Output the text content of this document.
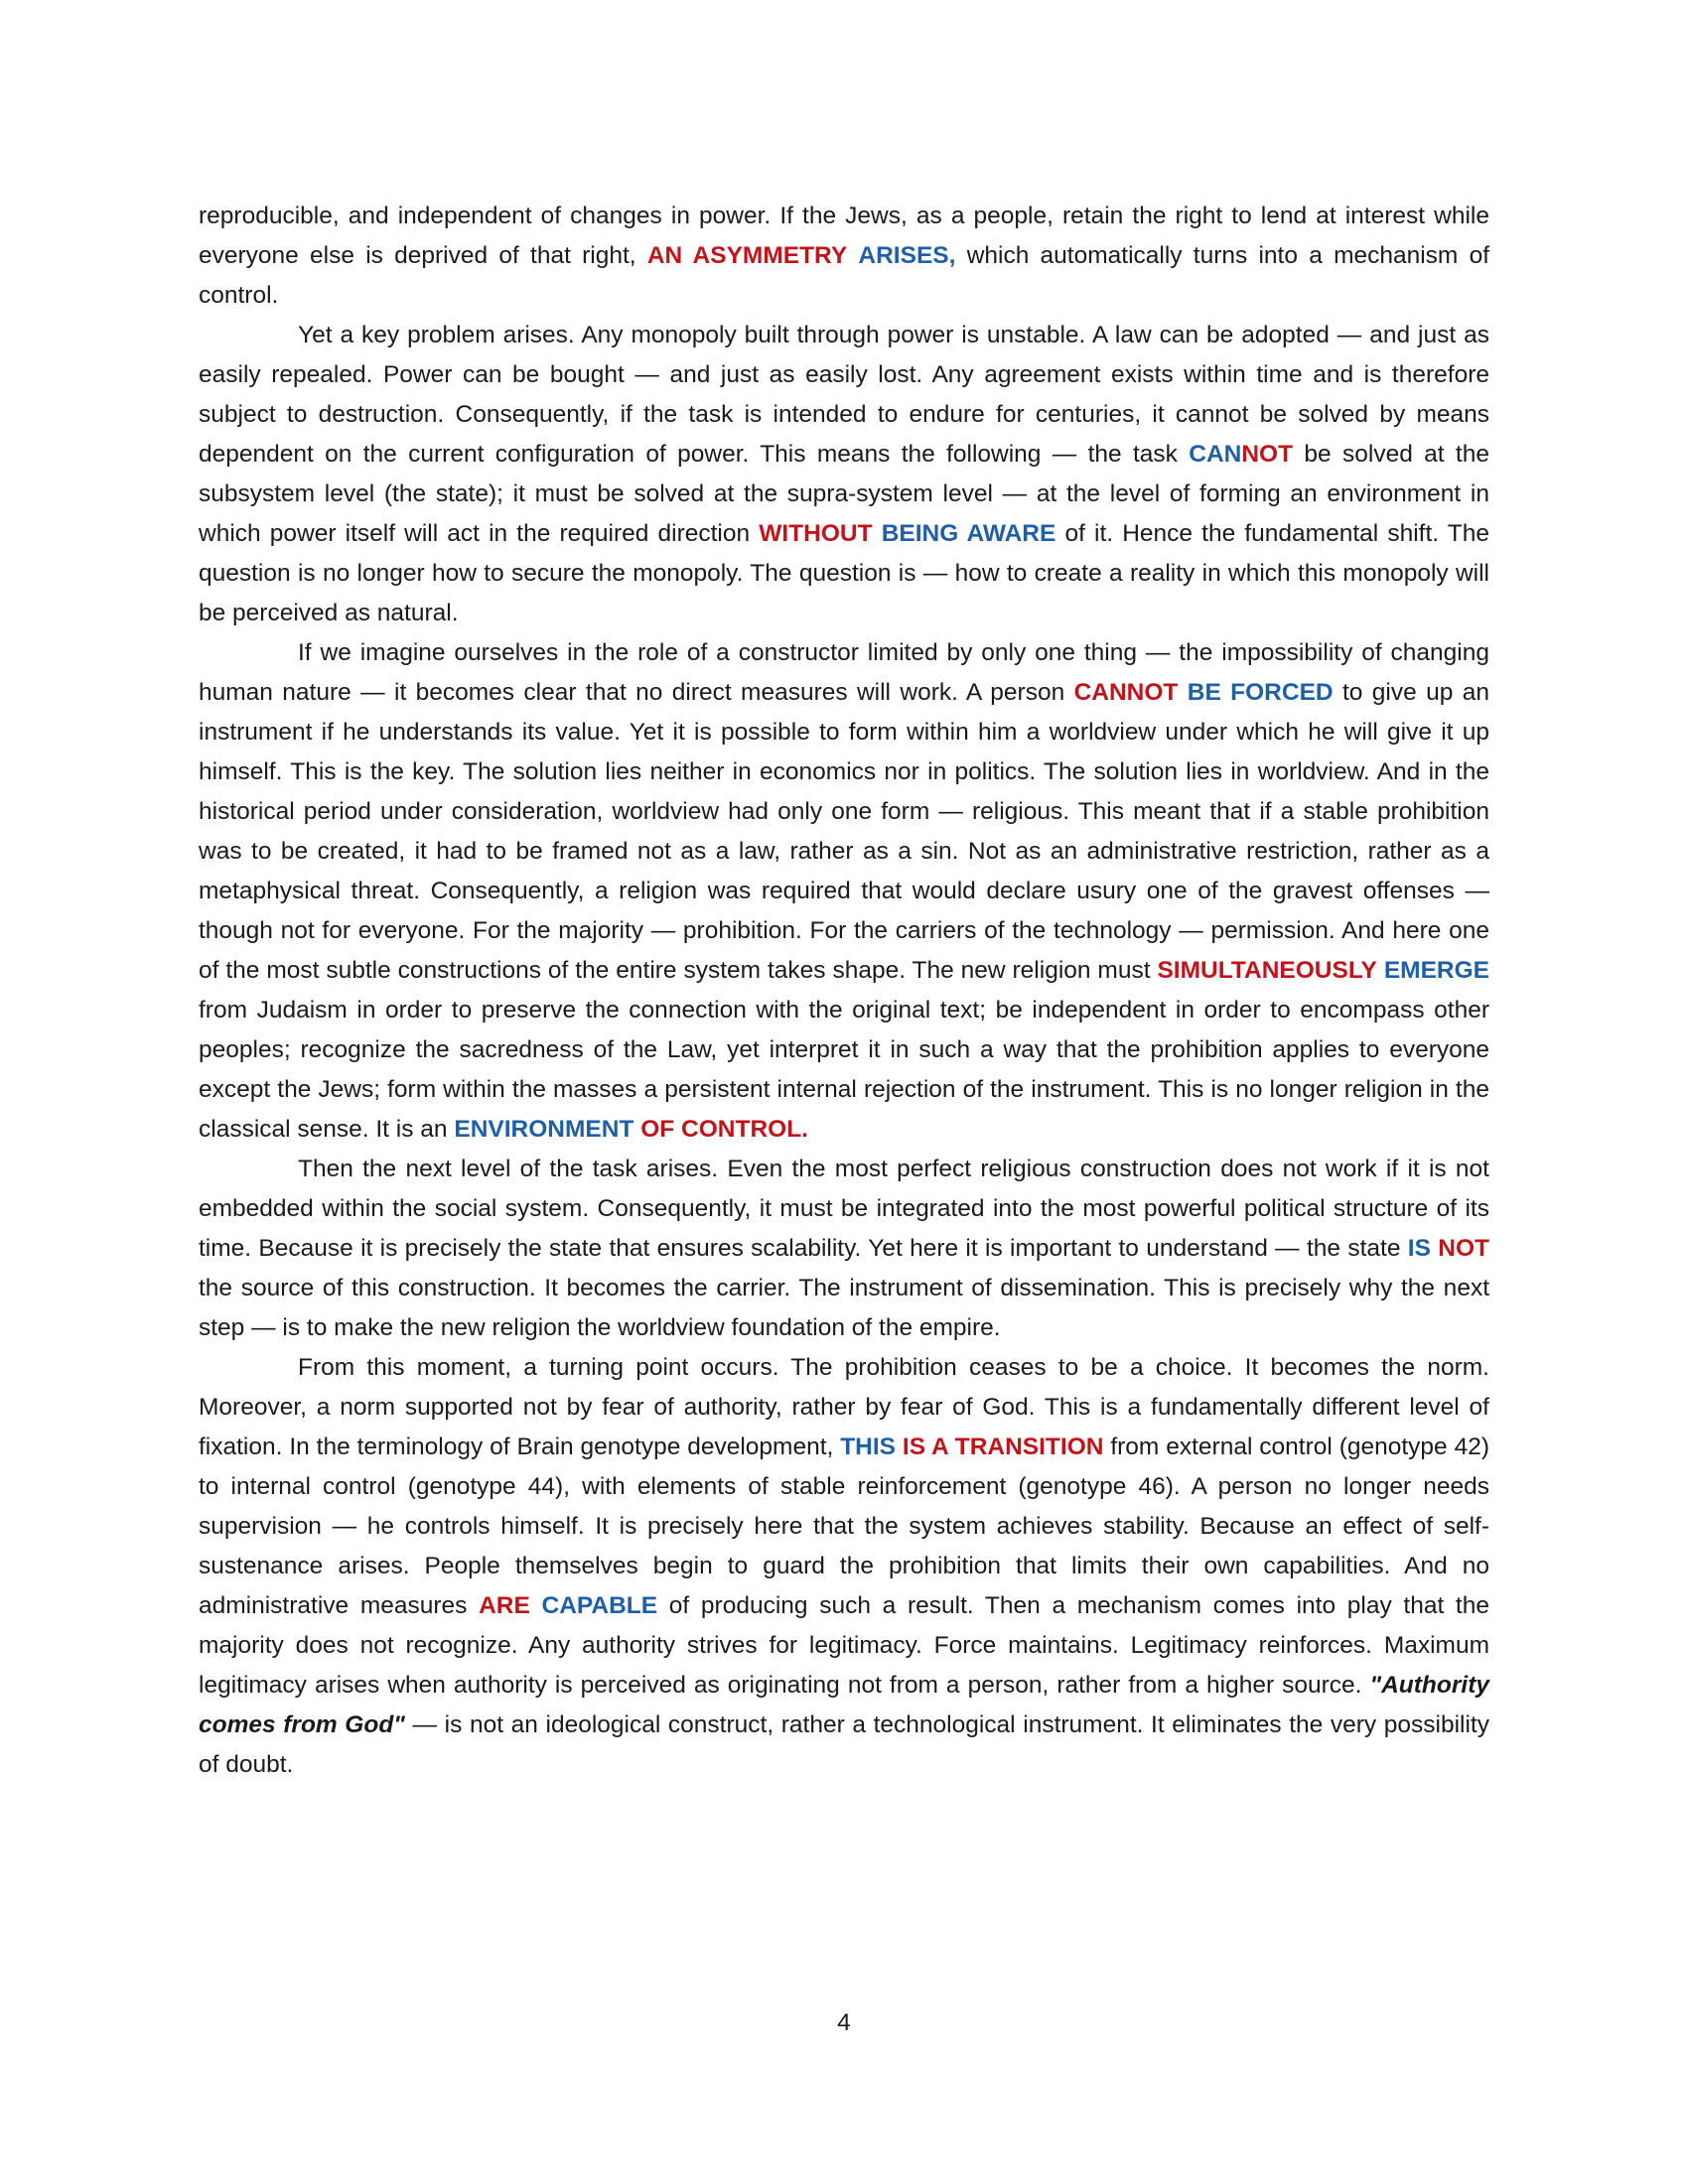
reproducible, and independent of changes in power. If the Jews, as a people, retain the right to lend at interest while everyone else is deprived of that right, AN ASYMMETRY ARISES, which automatically turns into a mechanism of control.

Yet a key problem arises. Any monopoly built through power is unstable. A law can be adopted — and just as easily repealed. Power can be bought — and just as easily lost. Any agreement exists within time and is therefore subject to destruction. Consequently, if the task is intended to endure for centuries, it cannot be solved by means dependent on the current configuration of power. This means the following — the task CANNOT be solved at the subsystem level (the state); it must be solved at the supra-system level — at the level of forming an environment in which power itself will act in the required direction WITHOUT BEING AWARE of it. Hence the fundamental shift. The question is no longer how to secure the monopoly. The question is — how to create a reality in which this monopoly will be perceived as natural.

If we imagine ourselves in the role of a constructor limited by only one thing — the impossibility of changing human nature — it becomes clear that no direct measures will work. A person CANNOT BE FORCED to give up an instrument if he understands its value. Yet it is possible to form within him a worldview under which he will give it up himself. This is the key. The solution lies neither in economics nor in politics. The solution lies in worldview. And in the historical period under consideration, worldview had only one form — religious. This meant that if a stable prohibition was to be created, it had to be framed not as a law, rather as a sin. Not as an administrative restriction, rather as a metaphysical threat. Consequently, a religion was required that would declare usury one of the gravest offenses — though not for everyone. For the majority — prohibition. For the carriers of the technology — permission. And here one of the most subtle constructions of the entire system takes shape. The new religion must SIMULTANEOUSLY EMERGE from Judaism in order to preserve the connection with the original text; be independent in order to encompass other peoples; recognize the sacredness of the Law, yet interpret it in such a way that the prohibition applies to everyone except the Jews; form within the masses a persistent internal rejection of the instrument. This is no longer religion in the classical sense. It is an ENVIRONMENT OF CONTROL.

Then the next level of the task arises. Even the most perfect religious construction does not work if it is not embedded within the social system. Consequently, it must be integrated into the most powerful political structure of its time. Because it is precisely the state that ensures scalability. Yet here it is important to understand — the state IS NOT the source of this construction. It becomes the carrier. The instrument of dissemination. This is precisely why the next step — is to make the new religion the worldview foundation of the empire.

From this moment, a turning point occurs. The prohibition ceases to be a choice. It becomes the norm. Moreover, a norm supported not by fear of authority, rather by fear of God. This is a fundamentally different level of fixation. In the terminology of Brain genotype development, THIS IS A TRANSITION from external control (genotype 42) to internal control (genotype 44), with elements of stable reinforcement (genotype 46). A person no longer needs supervision — he controls himself. It is precisely here that the system achieves stability. Because an effect of self-sustenance arises. People themselves begin to guard the prohibition that limits their own capabilities. And no administrative measures ARE CAPABLE of producing such a result. Then a mechanism comes into play that the majority does not recognize. Any authority strives for legitimacy. Force maintains. Legitimacy reinforces. Maximum legitimacy arises when authority is perceived as originating not from a person, rather from a higher source. "Authority comes from God" — is not an ideological construct, rather a technological instrument. It eliminates the very possibility of doubt.

4
